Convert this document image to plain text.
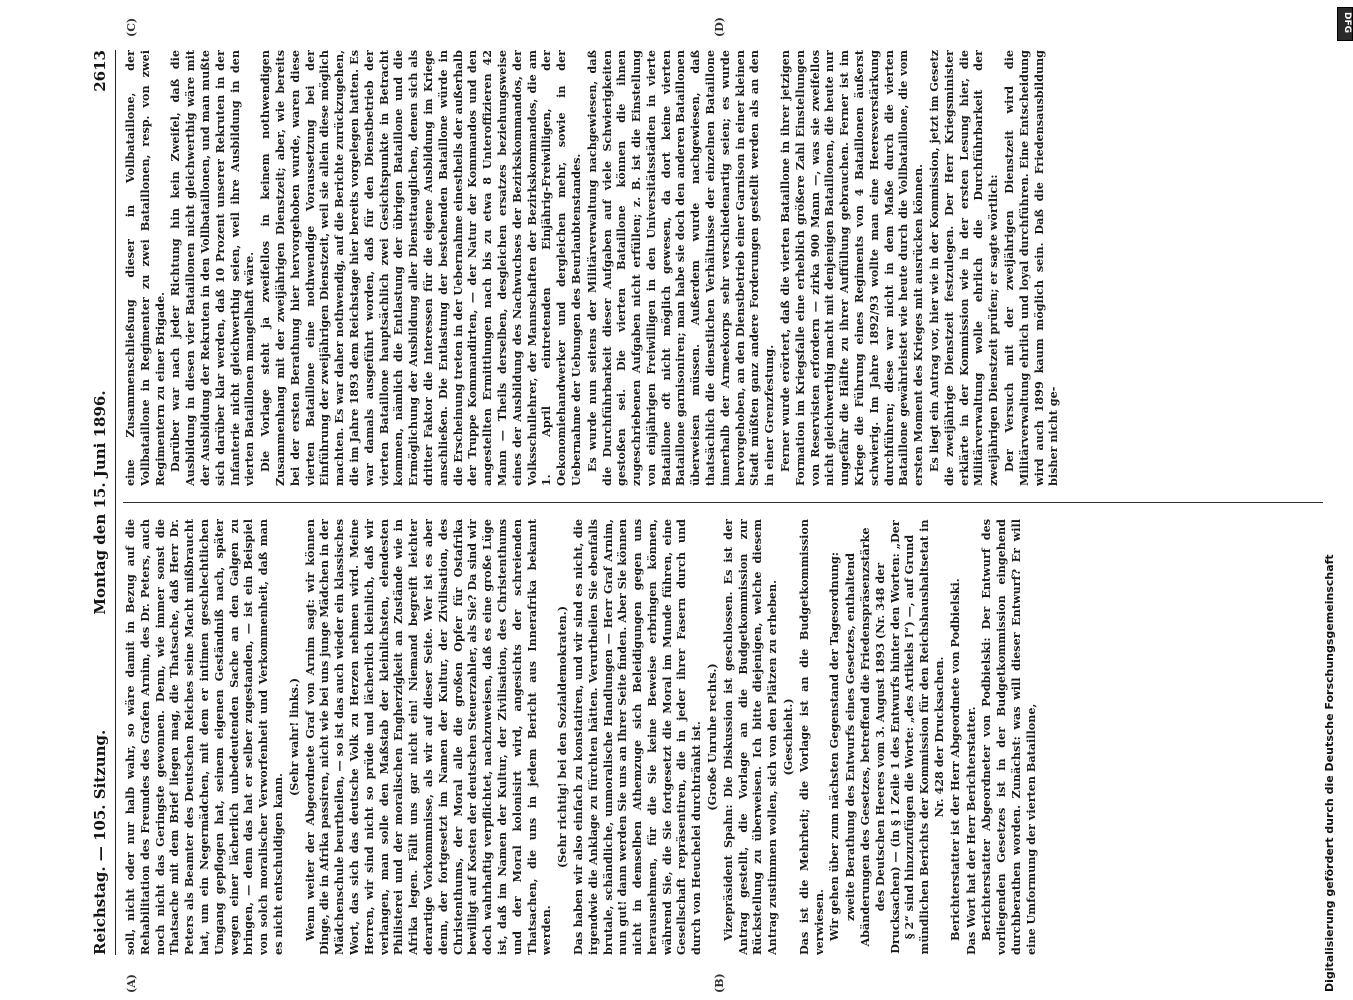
Reichstag. — 105. Sitzung.
Montag den 15. Juni 1896.
2613
(A)	(B)
(C)	(D)

soll, nicht oder nur halb wahr, so wäre damit in Bezug auf die Rehabilitation des Freundes des Grafen Arnim, des Dr. Peters, auch noch nicht das Geringste gewonnen. Denn, wie immer sonst die Thatsache mit dem Brief liegen mag, die Thatsache, daß Herr Dr. Peters als Beamter des Deutschen Reiches seine Macht mißbraucht hat, um ein Negermädchen, mit dem er intimen geschlechtlichen Umgang gepflogen hat, seinem eigenen Geständniß nach, später wegen einer lächerlich unbedeutenden Sache an den Galgen zu bringen, — denn das hat er selber zugestanden, — ist ein Beispiel von solch moralischer Verworfenheit und Verkommenheit, daß man es nicht entschuldigen kann.

(Sehr wahr! links.) Wenn weiter der Abgeordnete Graf von Arnim sagt: wir können Dinge, die in Afrika passiren, nicht wie bei uns junge Mädchen in der Mädchenschule beurtheilen, — so ist das auch wieder ein klassisches Wort, das sich das deutsche Volk zu Herzen nehmen wird. Meine Herren, wir sind nicht so prüde und lächerlich kleinlich, daß wir verlangen, man solle den Maßstab der kleinlichsten, elendesten Philisterei und der moralischen Engherzigkeit an Zustände wie in Afrika legen. Fällt uns gar nicht ein! Niemand begreift leichter derartige Vorkommnisse, als wir auf dieser Seite. Wer ist es aber denn, der fortgesetzt im Namen der Kultur, der Zivilisation, des Christenthums, der Moral alle die großen Opfer für Ostafrika bewilligt auf Kosten der deutschen Steuerzahler, als Sie? Da sind wir doch wahrhaftig verpflichtet, nachzuweisen, daß es eine große Lüge ist, daß im Namen der Kultur, der Zivilisation, des Christenthums und der Moral kolonisirt wird, angesichts der schreienden Thatsachen, die uns in jedem Bericht aus Innerafrika bekannt werden.

(Sehr richtig! bei den Sozialdemokraten.) Das haben wir also einfach zu konstatiren, und wir sind es nicht, die irgendwie die Anklage zu fürchten hätten. Verurtheilen Sie ebenfalls brutale, schändliche, unmoralische Handlungen — Herr Graf Arnim, nun gut! dann werden Sie uns an Ihrer Seite finden. Aber Sie können nicht in demselben Athemzuge sich Beleidigungen gegen uns herausnehmen, für die Sie keine Beweise erbringen können, während Sie, die Sie fortgesetzt die Moral im Munde führen, eine Gesellschaft repräsentiren, die in jeder ihrer Fasern durch und durch von Heuchelei durchtränkt ist. (Große Unruhe rechts.) Vizepräsident Spahn: Die Diskussion ist geschlossen. Es ist der Antrag gestellt, die Vorlage an die Budgetkommission zur Rückstellung zu überweisen. Ich bitte diejenigen, welche diesem Antrag zustimmen wollen, sich von den Plätzen zu erheben. (Geschieht.) Das ist die Mehrheit; die Vorlage ist an die Budgetkommission verwiesen. Wir gehen über zum nächsten Gegenstand der Tagesordnung: zweite Berathung des Entwurfs eines Gesetzes, enthaltend Abänderungen des Gesetzes, betreffend die Friedenspräsenzstärke des Deutschen Heeres vom 3. August 1893 (Nr. 348 der Drucksachen) — (in § 1 Zeile 1 des Entwurfs hinter den Worten: „Der § 2“ sind hinzuzufügen die Worte: „des Artikels I“) —, auf Grund mündlichen Berichts der Kommission für den Reichshaushaltsetat in Nr. 428 der Drucksachen. Berichterstatter ist der Herr Abgeordnete von Podbielski. Das Wort hat der Herr Berichterstatter. Berichterstatter Abgeordneter von Podbielski: Der Entwurf des vorliegenden Gesetzes ist in der Budgetkommission eingehend durchberathen worden. Zunächst: was will dieser Entwurf? Er will eine Umformung der vierten Bataillone,

eine Zusammenschließung dieser in Vollbataillone, der Vollbataillone in Regimenter zu zwei Bataillonen, resp. von zwei Regimentern zu einer Brigade. Darüber war nach jeder Richtung hin kein Zweifel, daß die Ausbildung in diesen vier Bataillonen nicht gleichwerthig wäre mit der Ausbildung der Rekruten in den Vollbataillonen, und man mußte sich darüber klar werden, daß 10 Prozent unserer Rekruten in der Infanterie nicht gleichwerthig seien, weil ihre Ausbildung in den vierten Bataillonen mangelhaft wäre. Die Vorlage steht ja zweifellos in keinem nothwendigen Zusammenhang mit der zweijährigen Dienstzeit; aber, wie bereits bei der ersten Berathung hier hervorgehoben wurde, waren diese vierten Bataillone eine nothwendige Voraussetzung bei der Einführung der zweijährigen Dienstzeit, weil sie allein diese möglich machten. Es war daher nothwendig, auf die Berichte zurückzugehen, die im Jahre 1893 dem Reichstage hier bereits vorgelegen hatten. Es war damals ausgeführt worden, daß für den Dienstbetrieb der vierten Bataillone hauptsächlich zwei Gesichtspunkte in Betracht kommen, nämlich die Entlastung der übrigen Bataillone und die Ermöglichung der Ausbildung aller Diensttauglichen, denen sich als dritter Faktor die Interessen für die eigene Ausbildung im Kriege anschließen. Die Entlastung der bestehenden Bataillone würde in die Erscheinung treten in der Uebernahme einestheils der außerhalb der Truppe Kommandirten, — der Natur der Kommandos und den angestellten Ermittlungen nach bis zu etwa 8 Unteroffizieren 42 Mann — Theils derselben, desgleichen ersatzes beziehungsweise eines der Ausbildung des Nachwuchses der Bezirkskommandos, der Volksschullehrer, der Mannschaften der Bezirkskommandos, die am 1. April eintretenden Einjährig-Freiwilligen, der Oekonomiehandwerker und dergleichen mehr, sowie in der Uebernahme der Uebungen des Beurlaubtenstandes. Es wurde nun seitens der Militärverwaltung nachgewiesen, daß die Durchführbarkeit dieser Aufgaben auf viele Schwierigkeiten gestoßen sei. Die vierten Bataillone können die ihnen zugeschriebenen Aufgaben nicht erfüllen; z. B. ist die Einstellung von einjährigen Freiwilligen in den Universitätsstädten in vierte Bataillone oft nicht möglich gewesen, da dort keine vierten Bataillone garnisoniren; man habe sie doch den anderen Bataillonen überweisen müssen. Außerdem wurde nachgewiesen, daß thatsächlich die dienstlichen Verhältnisse der einzelnen Bataillone innerhalb der Armeekorps sehr verschiedenartig seien; es wurde hervorgehoben, an den Dienstbetrieb einer Garnison in einer kleinen Stadt müßten ganz andere Forderungen gestellt werden als an den in einer Grenzfestung. Ferner wurde erörtert, daß die vierten Bataillone in ihrer jetzigen Formation im Kriegsfalle eine erheblich größere Zahl Einstellungen von Reservisten erfordern — zirka 900 Mann —, was sie zweifellos nicht gleichwerthig macht mit denjenigen Bataillonen, die heute nur ungefähr die Hälfte zu ihrer Auffüllung gebrauchen. Ferner ist im Kriege die Führung eines Regiments von 4 Bataillonen äußerst schwierig. Im Jahre 1892/93 wollte man eine Heeresverstärkung durchführen; diese war nicht in dem Maße durch die vierten Bataillone gewährleistet wie heute durch die Vollbataillone, die vom ersten Moment des Krieges mit ausrücken können. Es liegt ein Antrag vor, hier wie in der Kommission, jetzt im Gesetz die zweijährige Dienstzeit festzulegen. Der Herr Kriegsminister erklärte in der Kommission wie in der ersten Lesung hier, die Militärverwaltung wolle ehrlich die Durchführbarkeit der zweijährigen Dienstzeit prüfen; er sagte wörtlich: Der Versuch mit der zweijährigen Dienstzeit wird die Militärverwaltung ehrlich und loyal durchführen. Eine Entscheidung wird auch 1899 kaum möglich sein. Daß die Friedensausbildung bisher nicht ge-

Digitalisierung gefördert durch die Deutsche Forschungsgemeinschaft
DFG
